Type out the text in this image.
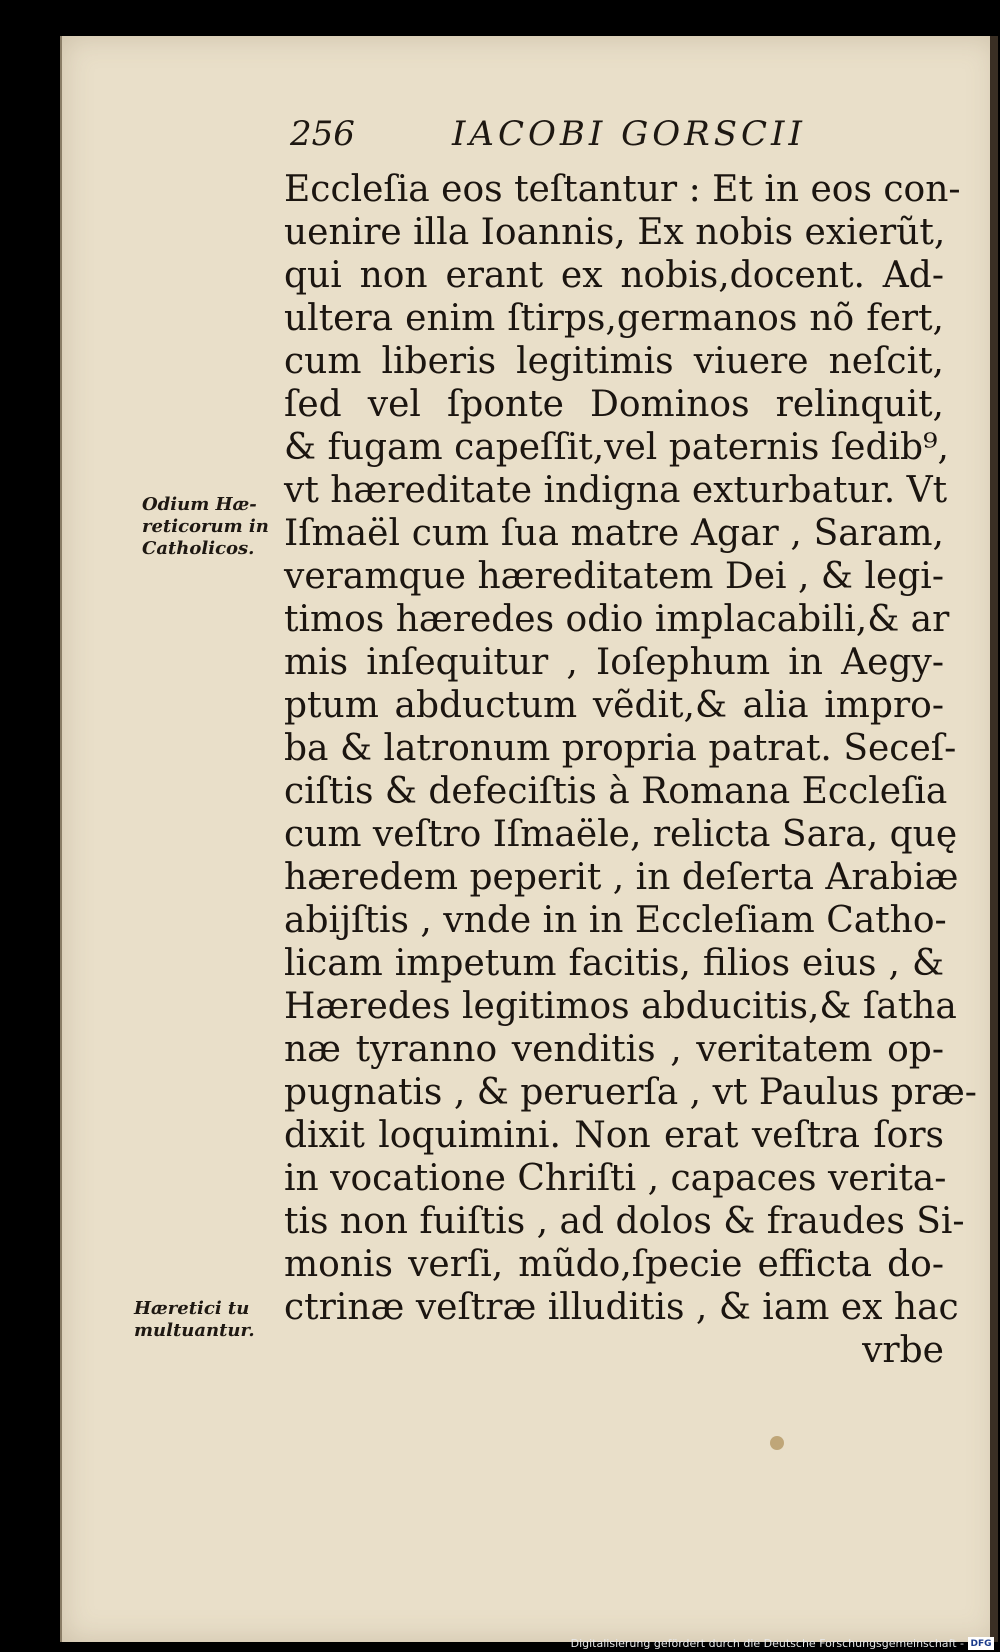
256	IACOBI GORSCII
Odium Hæ-
reticorum in
Catholicos.
Hæretici tu
multuantur.
Eccleſia eos teſtantur : Et in eos con-
uenire illa Ioannis, Ex nobis exierũt,
qui non erant ex nobis,docent. Ad-
ultera enim ſtirps,germanos nõ fert,
cum liberis legitimis viuere neſcit,
ſed vel ſponte Dominos relinquit,
& fugam capeſſit,vel paternis ſedib⁹,
vt hæreditate indigna exturbatur. Vt
Iſmaël cum ſua matre Agar , Saram,
veramque hæreditatem Dei , & legi-
timos hæredes odio implacabili,& ar
mis inſequitur , Ioſephum in Aegy-
ptum abductum vẽdit,& alia impro-
ba & latronum propria patrat. Seceſ-
ciſtis & defeciſtis à Romana Eccleſia
cum veſtro Iſmaële, relicta Sara, quę
hæredem peperit , in deſerta Arabiæ
abijſtis , vnde in in Eccleſiam Catho-
licam impetum facitis, filios eius , &
Hæredes legitimos abducitis,& ſatha
næ tyranno venditis , veritatem op-
pugnatis , & peruerſa , vt Paulus præ-
dixit loquimini. Non erat veſtra ſors
in vocatione Chriſti , capaces verita-
tis non fuiſtis , ad dolos & fraudes Si-
monis verſi, mũdo,ſpecie efficta do-
ctrinæ veſtræ illuditis , & iam ex hac
vrbe
Digitalisierung gefördert durch die Deutsche Forschungsgemeinschaft - DFG
